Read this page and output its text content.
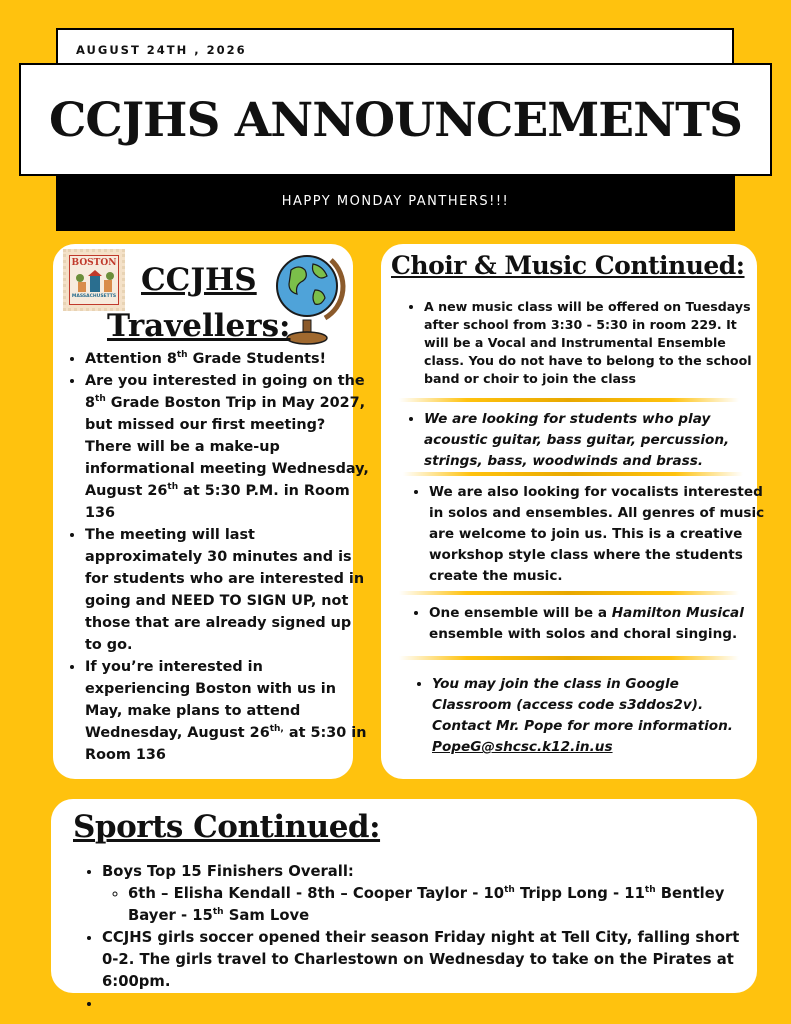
AUGUST 24TH , 2026
CCJHS ANNOUNCEMENTS
HAPPY MONDAY PANTHERS!!!
BOSTON
MASSACHUSETTS CCJHS
Travellers:
• Attention 8th Grade Students!
• Are you interested in going on the 8th Grade Boston Trip in May 2027, but missed our first meeting? There will be a make-up informational meeting Wednesday, August 26th at 5:30 P.M. in Room 136
• The meeting will last approximately 30 minutes and is for students who are interested in going and NEED TO SIGN UP, not those that are already signed up to go.
• If you’re interested in experiencing Boston with us in May, make plans to attend Wednesday, August $26^{th,}$ at 5:30 in Room 136
Choir & Music Continued:
• A new music class will be offered on Tuesdays after school from 3:30 - 5:30 in room 229. It will be a Vocal and Instrumental Ensemble class. You do not have to belong to the school band or choir to join the class
• We are looking for students who play acoustic guitar, bass guitar, percussion, strings, bass, woodwinds and brass.
• We are also looking for vocalists interested in solos and ensembles. All genres of music are welcome to join us. This is a creative workshop style class where the students create the music.
• One ensemble will be a Hamilton Musical ensemble with solos and choral singing.
• You may join the class in Google Classroom (access code s3ddos2v). Contact Mr. Pope for more information. PopeG@shcsc.k12.in.us
Sports Continued:
• Boys Top 15 Finishers Overall:
◦ 6th – Elisha Kendall - 8th – Cooper Taylor - 10th Tripp Long - 11th Bentley Bayer - 15th Sam Love
• CCJHS girls soccer opened their season Friday night at Tell City, falling short 0-2. The girls travel to Charlestown on Wednesday to take on the Pirates at 6:00pm.
•
